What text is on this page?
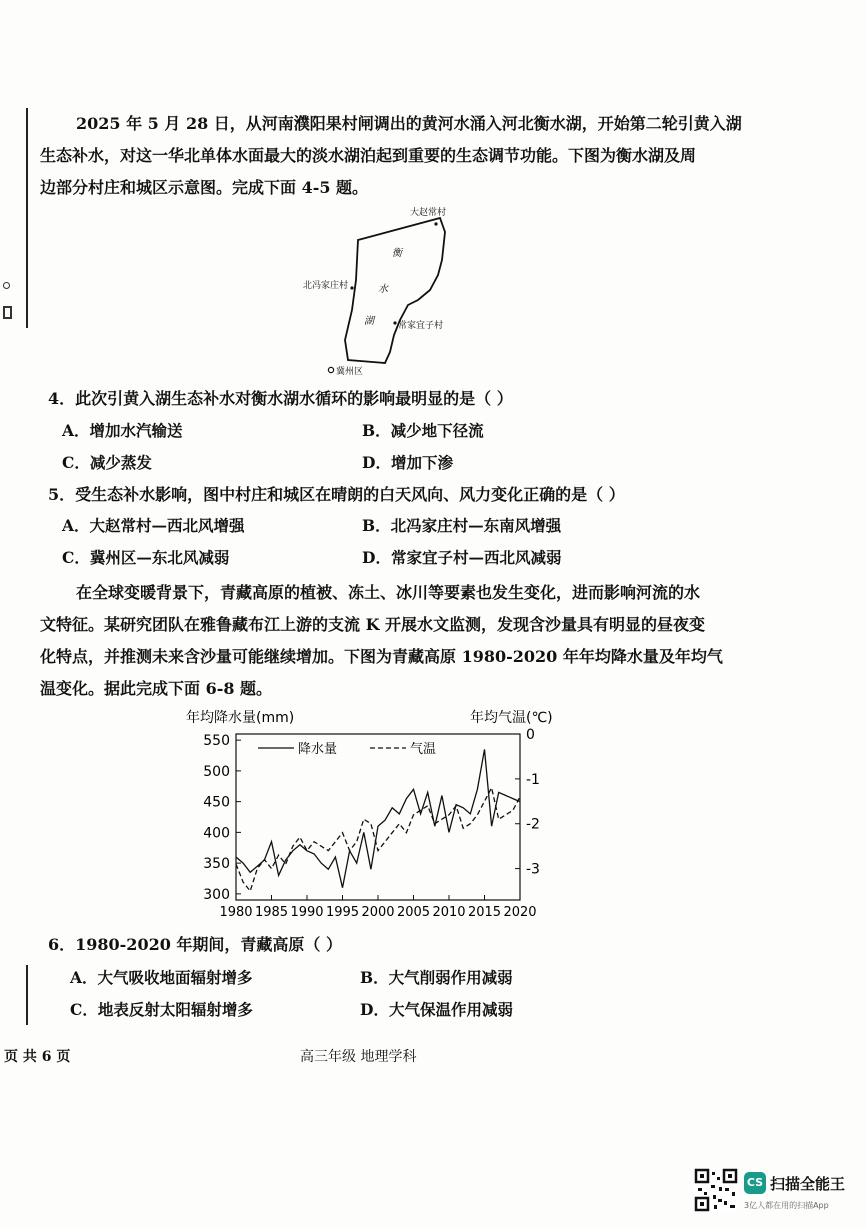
2025 年 5 月 28 日，从河南濮阳果村闸调出的黄河水涌入河北衡水湖，开始第二轮引黄入湖
生态补水，对这一华北单体水面最大的淡水湖泊起到重要的生态调节功能。下图为衡水湖及周
边部分村庄和城区示意图。完成下面 4-5 题。
大赵常村
北冯家庄村
常家宜子村
冀州区
衡
水
湖
4．此次引黄入湖生态补水对衡水湖水循环的影响最明显的是（ ）
A．增加水汽输送	B．减少地下径流
C．减少蒸发	D．增加下渗
5．受生态补水影响，图中村庄和城区在晴朗的白天风向、风力变化正确的是（ ）
A．大赵常村—西北风增强	B．北冯家庄村—东南风增强
C．冀州区—东北风减弱	D．常家宜子村—西北风减弱
在全球变暖背景下，青藏高原的植被、冻土、冰川等要素也发生变化，进而影响河流的水
文特征。某研究团队在雅鲁藏布江上游的支流 K 开展水文监测，发现含沙量具有明显的昼夜变
化特点，并推测未来含沙量可能继续增加。下图为青藏高原 1980-2020 年年均降水量及年均气
温变化。据此完成下面 6-8 题。
年均降水量(mm)	年均气温(℃)
1980 1985 1990 1995 2000 2005 2010 2015 2020
550
500
450
400
350
300
0
-1
-2
-3
降水量	气温
6．1980-2020 年期间，青藏高原（ ）
A．大气吸收地面辐射增多	B．大气削弱作用减弱
C．地表反射太阳辐射增多	D．大气保温作用减弱
页 共 6 页	高三年级 地理学科
CS 扫描全能王
3亿人都在用的扫描App
